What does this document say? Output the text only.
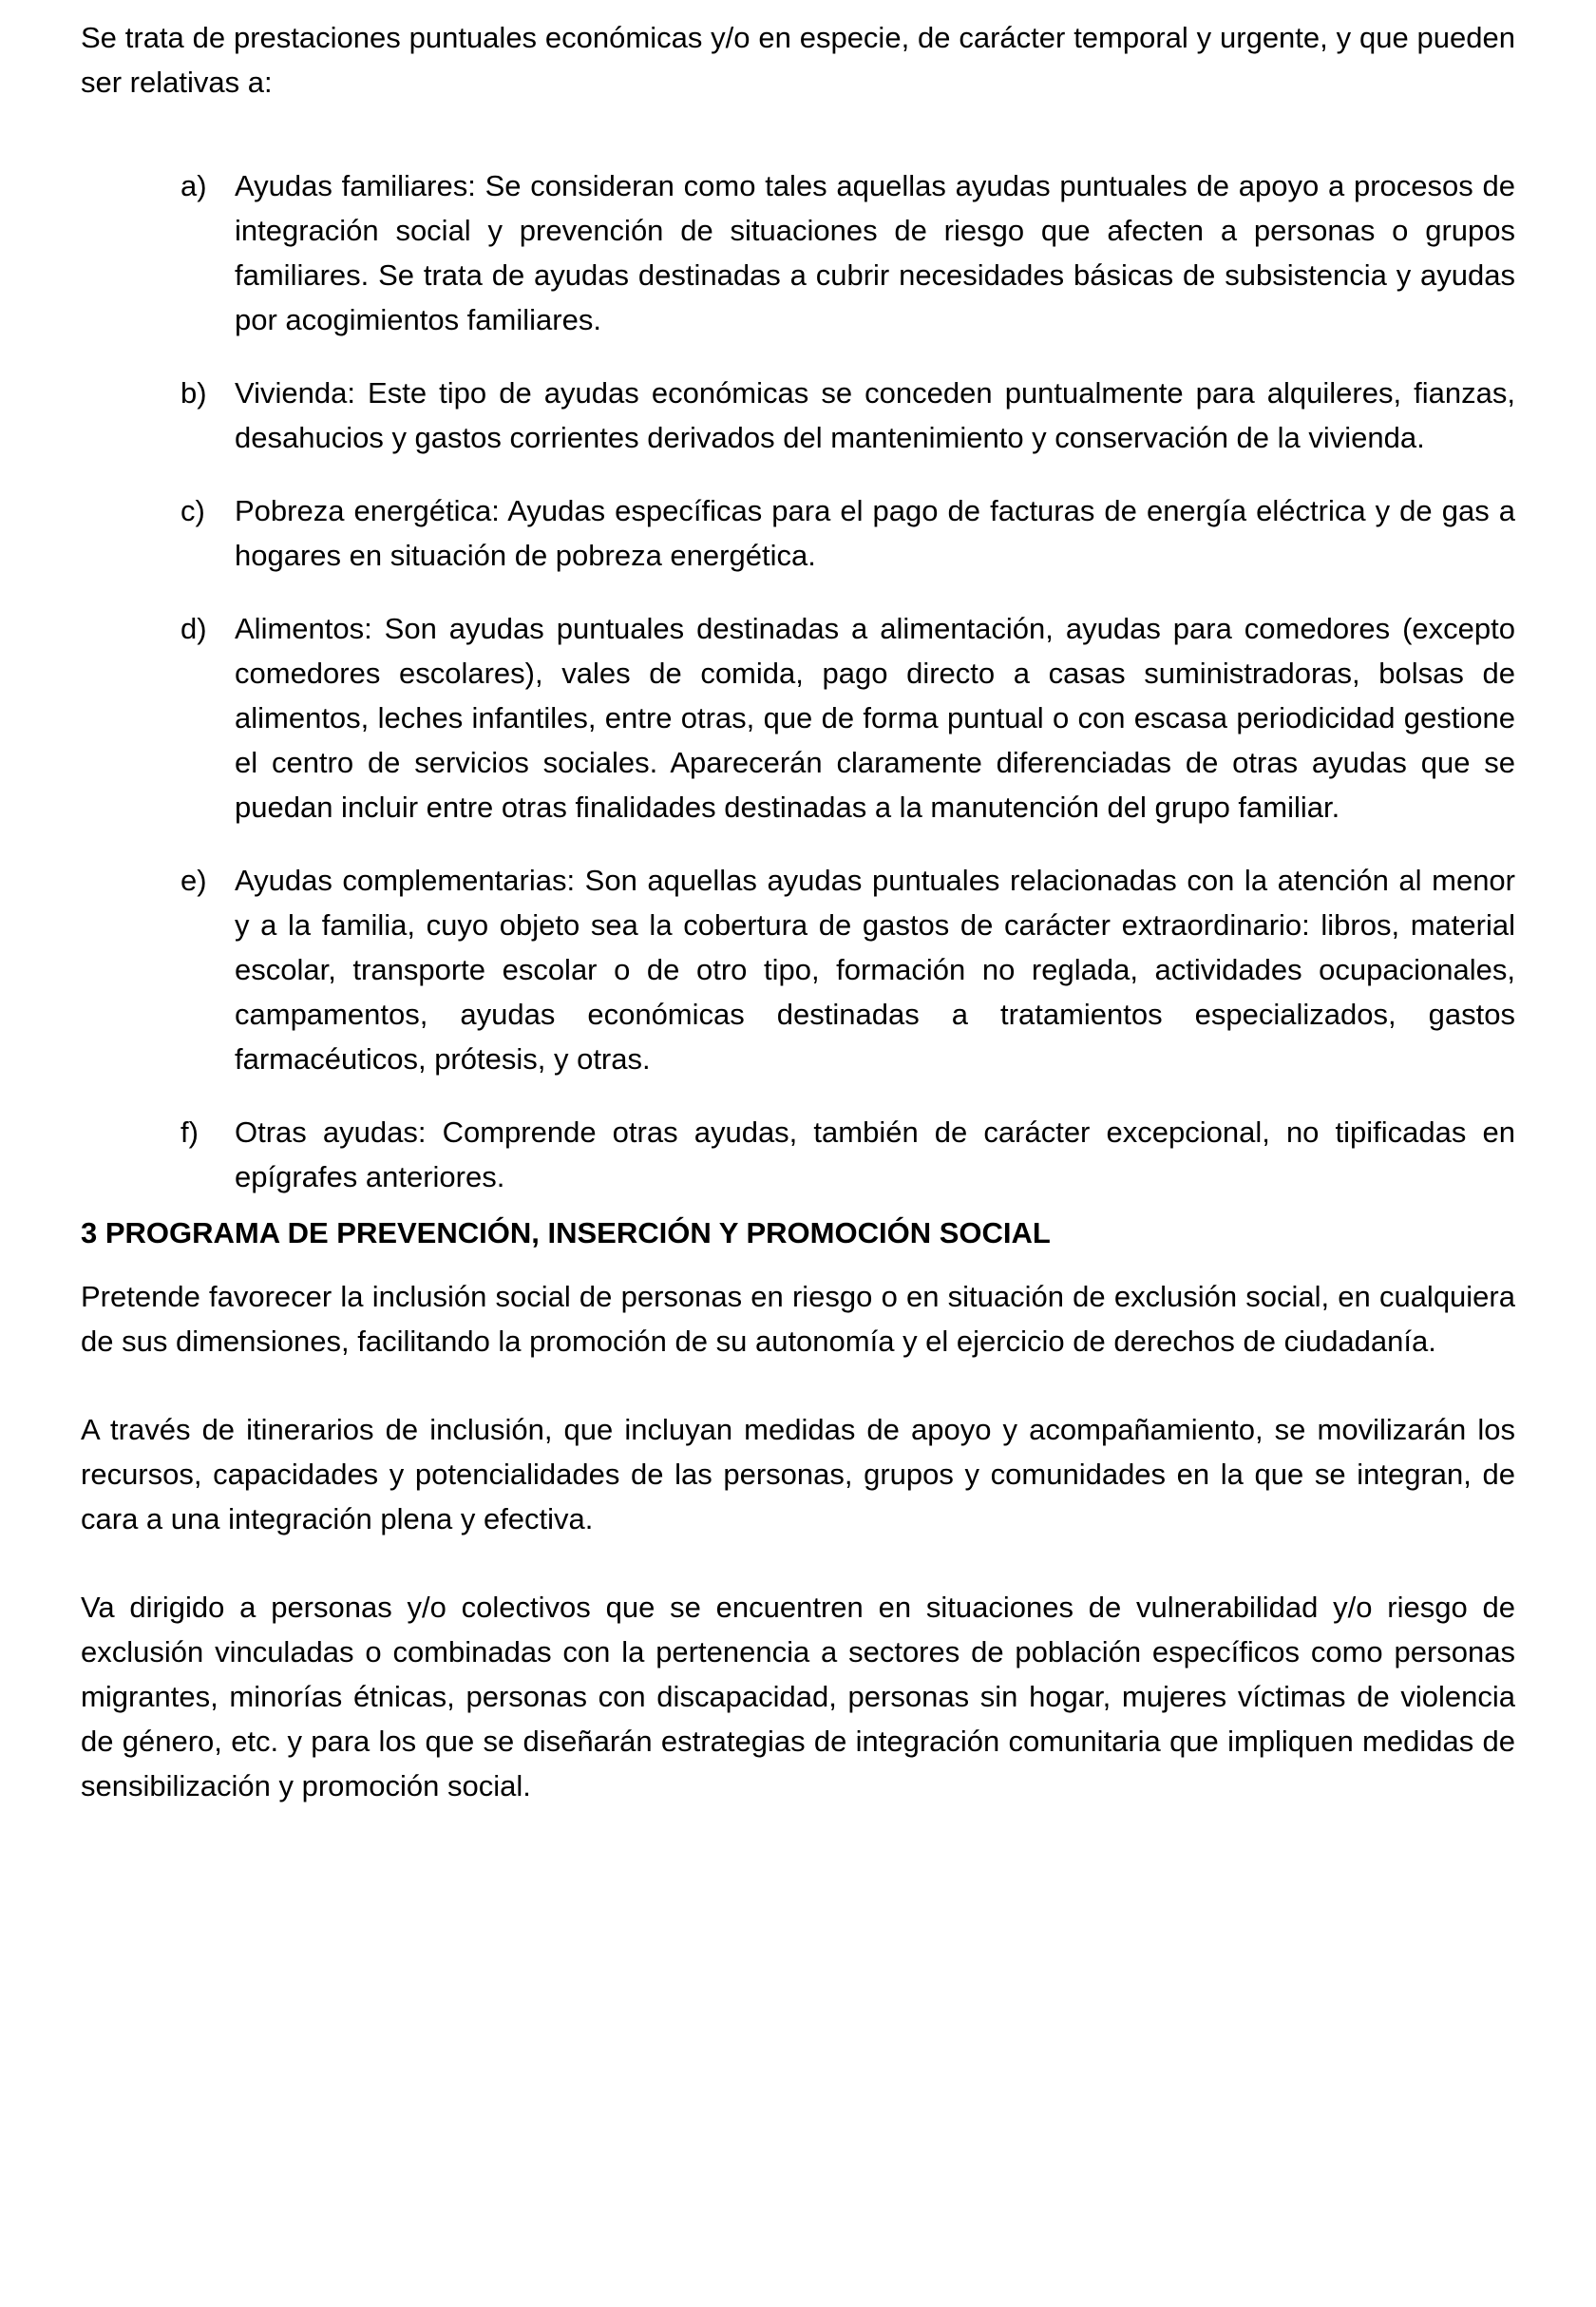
Se trata de prestaciones puntuales económicas y/o en especie, de carácter temporal y urgente, y que pueden ser relativas a:

a) Ayudas familiares: Se consideran como tales aquellas ayudas puntuales de apoyo a procesos de integración social y prevención de situaciones de riesgo que afecten a personas o grupos familiares. Se trata de ayudas destinadas a cubrir necesidades básicas de subsistencia y ayudas por acogimientos familiares.
b) Vivienda: Este tipo de ayudas económicas se conceden puntualmente para alquileres, fianzas, desahucios y gastos corrientes derivados del mantenimiento y conservación de la vivienda.
c)	Pobreza energética: Ayudas específicas para el pago de facturas de energía eléctrica y de gas a hogares en situación de pobreza energética.
d) Alimentos: Son ayudas puntuales destinadas a alimentación, ayudas para comedores (excepto comedores escolares), vales de comida, pago directo a casas suministradoras, bolsas de alimentos, leches infantiles, entre otras, que de forma puntual o con escasa periodicidad gestione el centro de servicios sociales. Aparecerán claramente diferenciadas de otras ayudas que se puedan incluir entre otras finalidades destinadas a la manutención del grupo familiar.
e) Ayudas complementarias: Son aquellas ayudas puntuales relacionadas con la atención al menor y a la familia, cuyo objeto sea la cobertura de gastos de carácter extraordinario: libros, material escolar, transporte escolar o de otro tipo, formación no reglada, actividades ocupacionales, campamentos, ayudas económicas destinadas a tratamientos especializados, gastos farmacéuticos, prótesis, y otras.
f)	Otras ayudas: Comprende otras ayudas, también de carácter excepcional, no tipificadas en epígrafes anteriores.
3 PROGRAMA DE PREVENCIÓN, INSERCIÓN Y PROMOCIÓN SOCIAL

Pretende favorecer la inclusión social de personas en riesgo o en situación de exclusión social, en cualquiera de sus dimensiones, facilitando la promoción de su autonomía y el ejercicio de derechos de ciudadanía.

A través de itinerarios de inclusión, que incluyan medidas de apoyo y acompañamiento, se movilizarán los recursos, capacidades y potencialidades de las personas, grupos y comunidades en la que se integran, de cara a una integración plena y efectiva.

Va dirigido a personas y/o colectivos que se encuentren en situaciones de vulnerabilidad y/o riesgo de exclusión vinculadas o combinadas con la pertenencia a sectores de población específicos como personas migrantes, minorías étnicas, personas con discapacidad, personas sin hogar, mujeres víctimas de violencia de género, etc. y para los que se diseñarán estrategias de integración comunitaria que impliquen medidas de sensibilización y promoción social.
